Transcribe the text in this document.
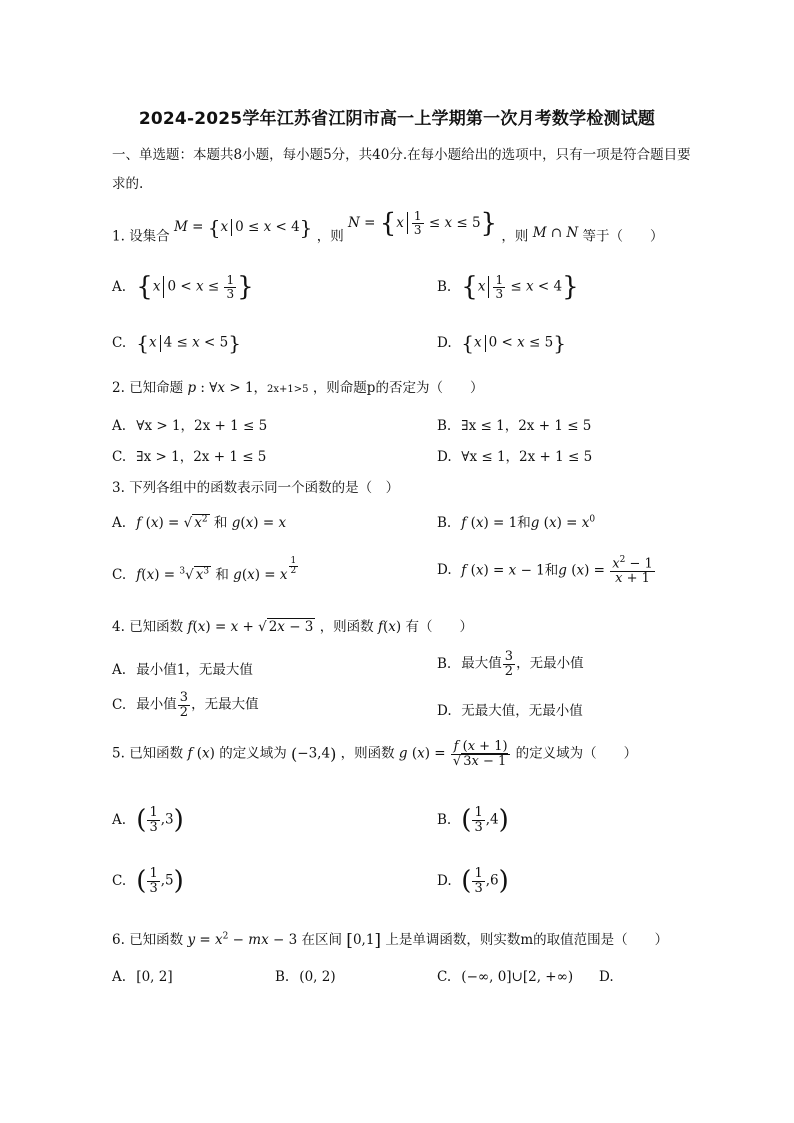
2024-2025学年江苏省江阴市高一上学期第一次月考数学检测试题
一、单选题：本题共8小题，每小题5分，共40分.在每小题给出的选项中，只有一项是符合题目要求的.
1. 设集合 M = {x 0 ≤ x < 4} ，则 $N = \{x \frac{1}{3} \le x \le 5\}$ ，则 M ∩ N 等于（　　）
A. {x $0 < x \le \frac{1}{3}$ }	B. $\{x \frac{1}{3} \le x < 4\}$
C. {x 4 ≤ x < 5}	D. {x 0 < x ≤ 5}
2. 已知命题 p : ∀x > 1，2x+1>5 ，则命题p的否定为（　　）
A. ∀x > 1，2x + 1 ≤ 5	B. ∃x ≤ 1，2x + 1 ≤ 5
C. ∃x > 1，2x + 1 ≤ 5	D. ∀x ≤ 1，2x + 1 ≤ 5
3. 下列各组中的函数表示同一个函数的是（　）
A. f (x) = √ $x^2$ 和 g(x) = x	B. f (x) = 1和g $(x) = x^0$
C. f(x) = $^3$√ $x^3$ 和 g(x) = x $^{\frac{1}{2}}$	D. f (x) = x − 1和g $(x) = \frac{x^2 - 1}{x + 1}$
4. 已知函数 f(x) = x + √ 2x − 3 ，则函数 f(x) 有（　　）
A. 最小值1，无最大值	B. 最大值 $\frac{3}{2}$ ，无最小值
C. 最小值 $\frac{3}{2}$ ，无最大值	D. 无最大值，无最小值
5. 已知函数 f (x) 的定义域为 (−3,4) ，则函数 g $(x) = \frac{f (x + 1)}{√ 3x - 1}$ 的定义域为（　　）
A. ( $\frac{1}{3} ,3$)	B. ( $\frac{1}{3} ,4$)
C. ( $\frac{1}{3} ,5$)	D. ( $\frac{1}{3} ,6$)
6. 已知函数 $y = x^2$ − mx − 3 在区间 [0,1] 上是单调函数，则实数m的取值范围是（　　）
A. [0, 2]	B. (0, 2)	C. (−∞, 0]∪[2, +∞) D.
